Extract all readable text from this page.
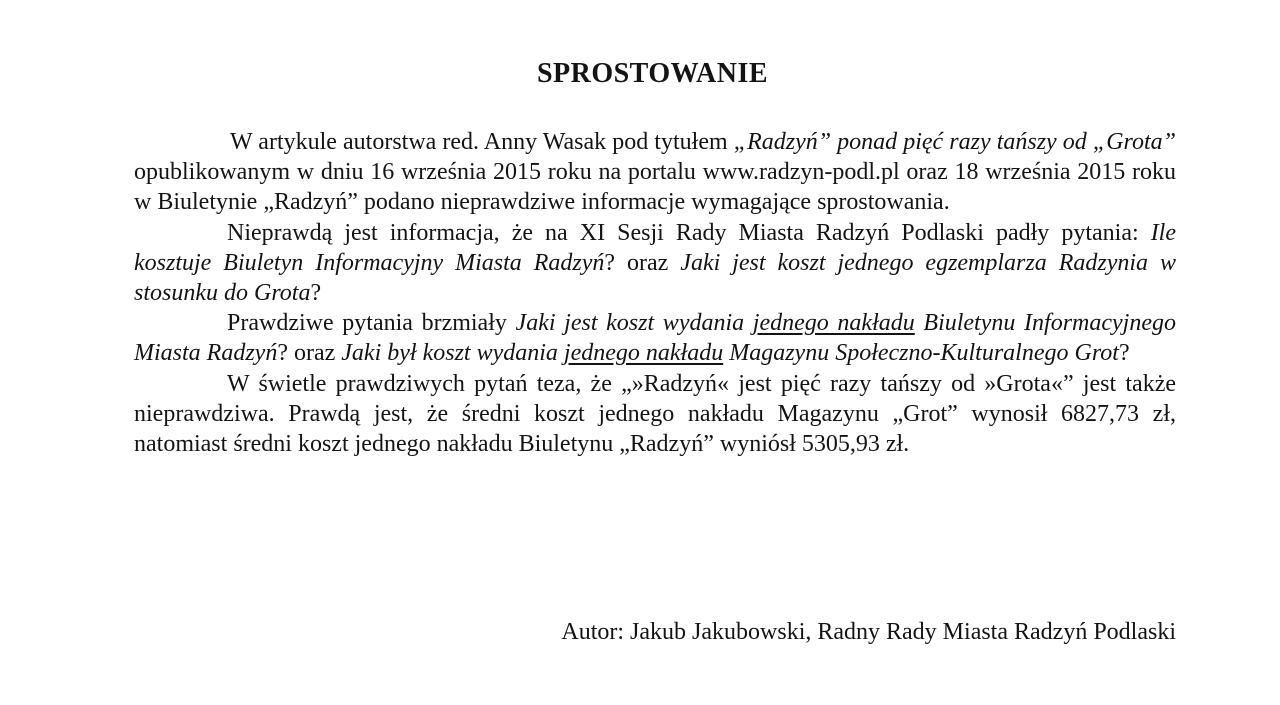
SPROSTOWANIE

W artykule autorstwa red. Anny Wasak pod tytułem „Radzyń” ponad pięć razy tańszy od „Grota” opublikowanym w dniu 16 września 2015 roku na portalu www.radzyn-podl.pl oraz 18 września 2015 roku w Biuletynie „Radzyń” podano nieprawdziwe informacje wymagające sprostowania.

Nieprawdą jest informacja, że na XI Sesji Rady Miasta Radzyń Podlaski padły pytania: Ile kosztuje Biuletyn Informacyjny Miasta Radzyń? oraz Jaki jest koszt jednego egzemplarza Radzynia w stosunku do Grota?

Prawdziwe pytania brzmiały Jaki jest koszt wydania jednego nakładu Biuletynu Informacyjnego Miasta Radzyń? oraz Jaki był koszt wydania jednego nakładu Magazynu Społeczno-Kulturalnego Grot?

W świetle prawdziwych pytań teza, że „»Radzyń« jest pięć razy tańszy od »Grota«” jest także nieprawdziwa. Prawdą jest, że średni koszt jednego nakładu Magazynu „Grot” wynosił 6827,73 zł, natomiast średni koszt jednego nakładu Biuletynu „Radzyń” wyniósł 5305,93 zł.

Autor: Jakub Jakubowski, Radny Rady Miasta Radzyń Podlaski
